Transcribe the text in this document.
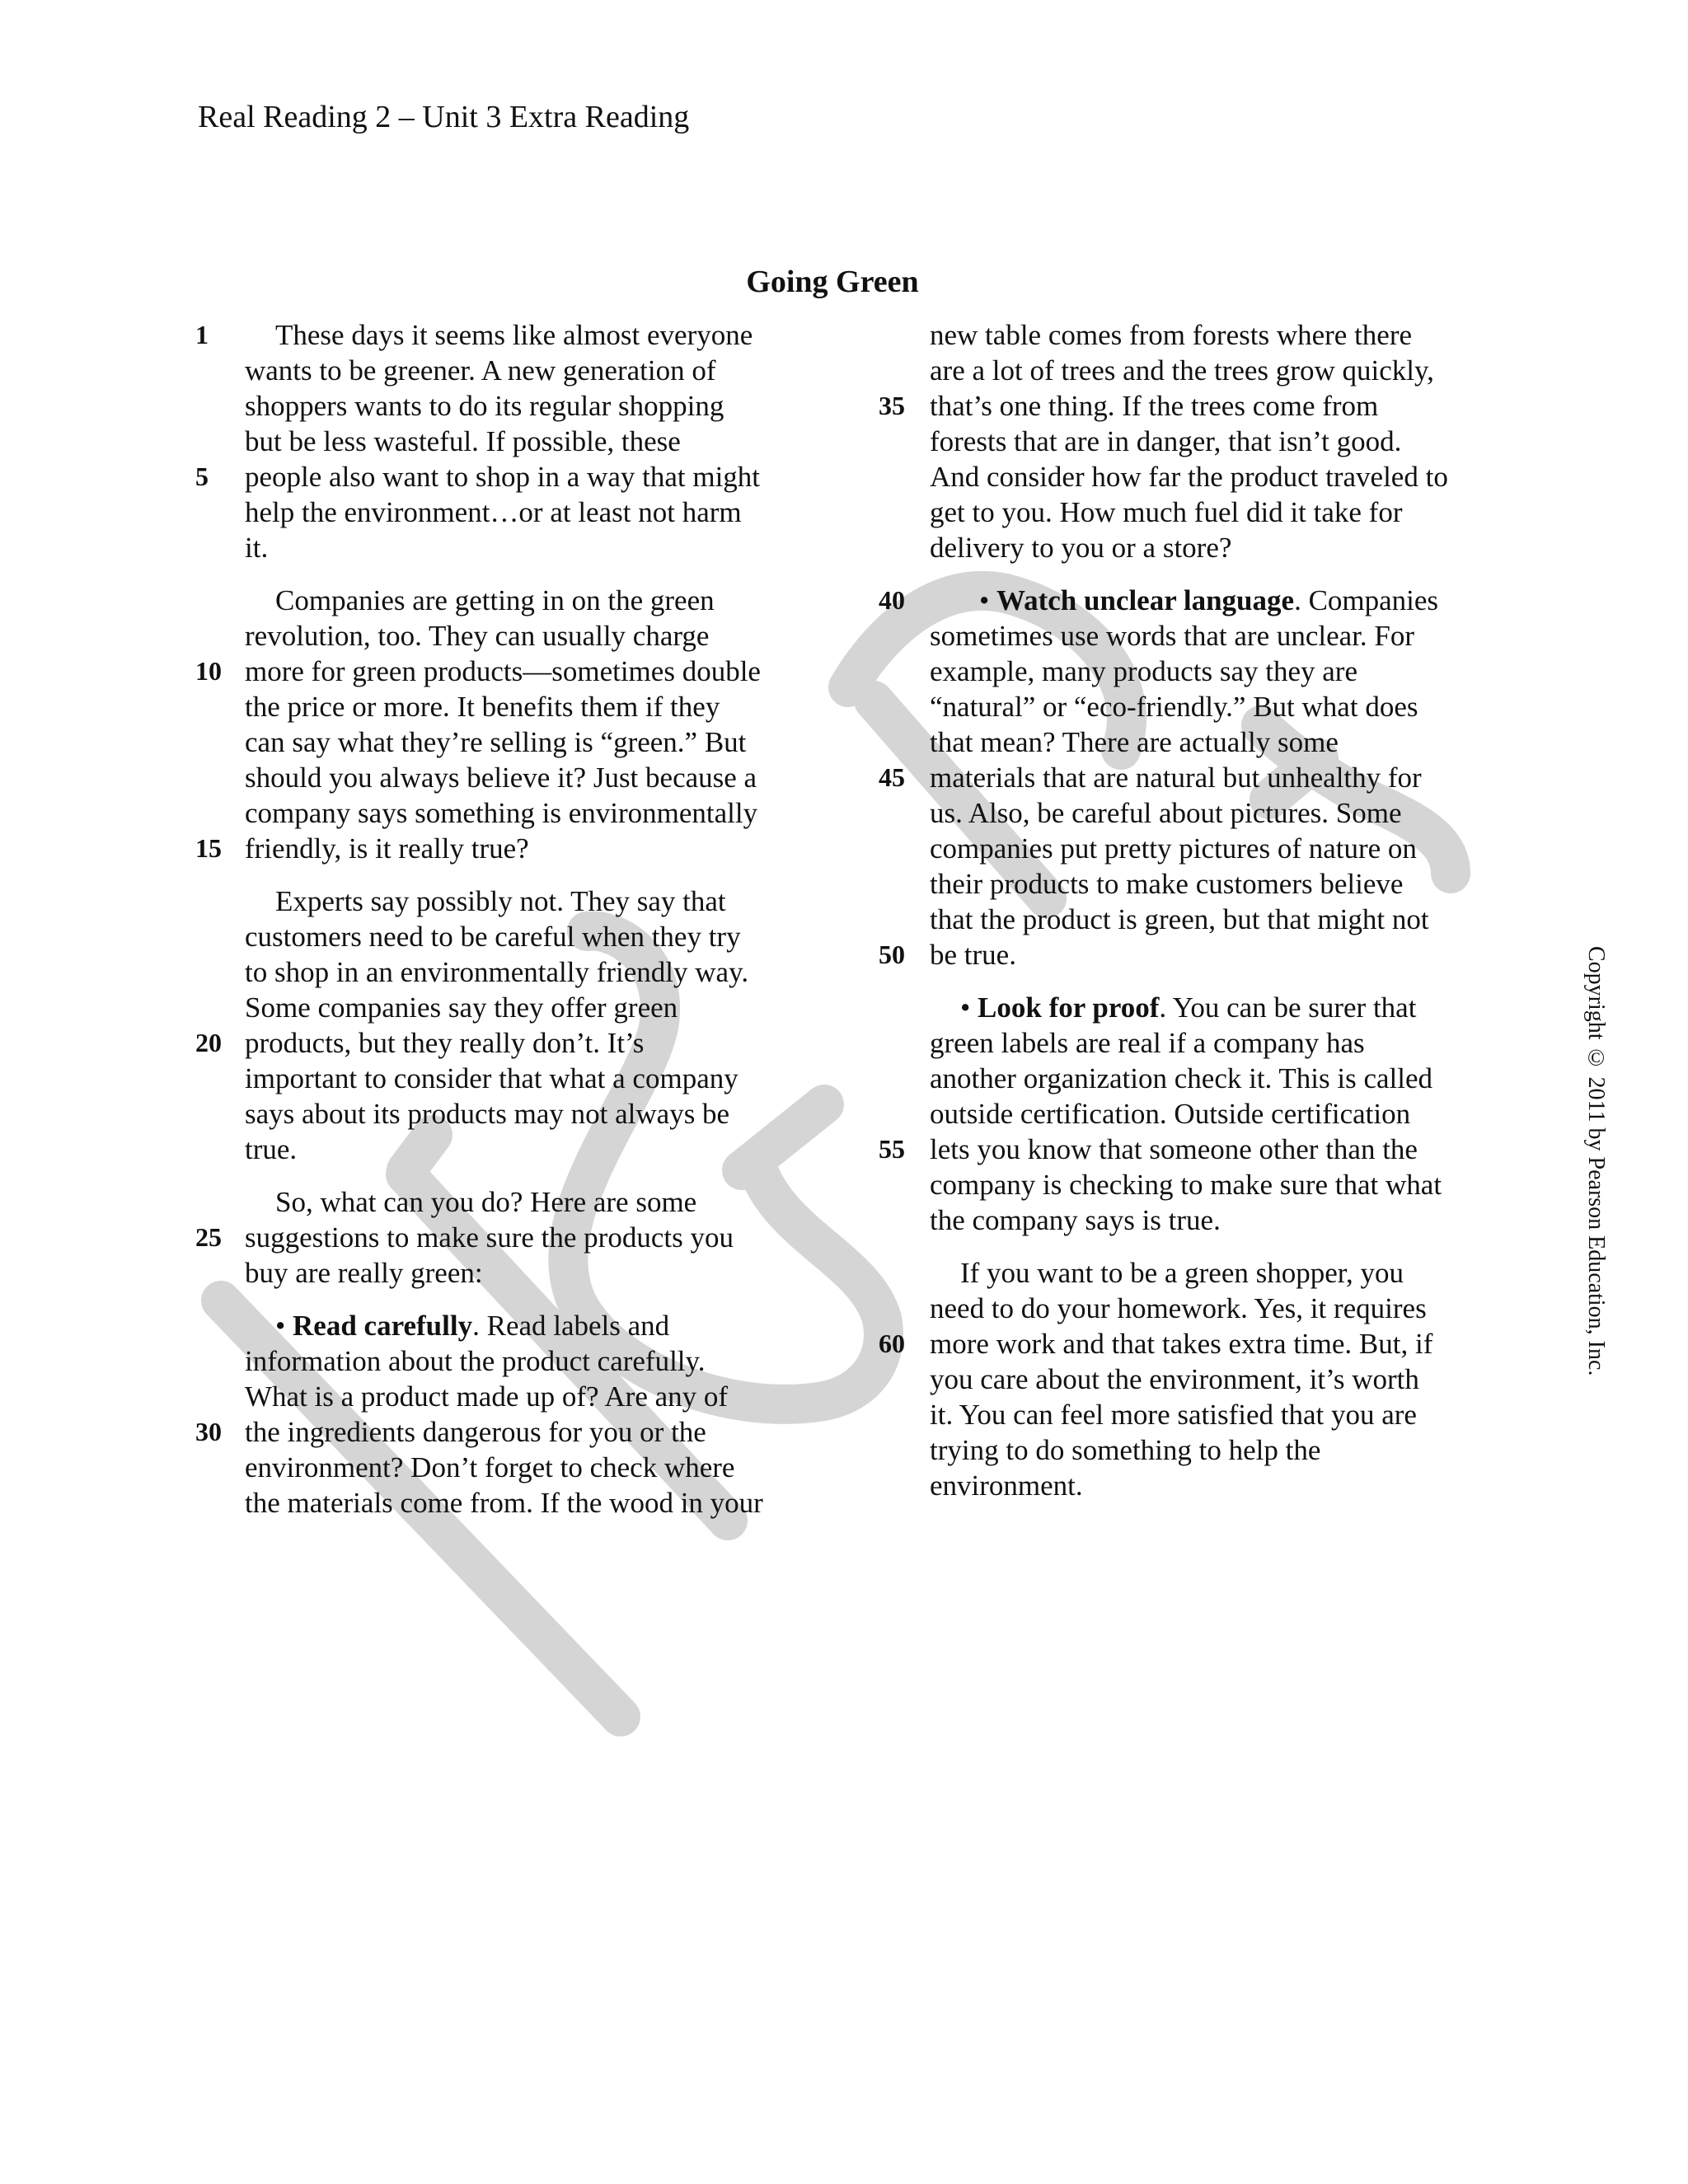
Real Reading 2 – Unit 3 Extra Reading
Going Green
1	These days it seems like almost everyone
wants to be greener. A new generation of
shoppers wants to do its regular shopping
but be less wasteful. If possible, these
5	people also want to shop in a way that might
help the environment…or at least not harm
it.
Companies are getting in on the green
revolution, too. They can usually charge
10 more for green products—sometimes double
the price or more. It benefits them if they
can say what they’re selling is “green.” But
should you always believe it? Just because a
company says something is environmentally
15 friendly, is it really true?
Experts say possibly not. They say that
customers need to be careful when they try
to shop in an environmentally friendly way.
Some companies say they offer green
20 products, but they really don’t. It’s
important to consider that what a company
says about its products may not always be
true.
So, what can you do? Here are some
25 suggestions to make sure the products you
buy are really green:
• Read carefully. Read labels and
information about the product carefully.
What is a product made up of? Are any of
30 the ingredients dangerous for you or the
environment? Don’t forget to check where
the materials come from. If the wood in your
new table comes from forests where there
are a lot of trees and the trees grow quickly,
35 that’s one thing. If the trees come from
forests that are in danger, that isn’t good.
And consider how far the product traveled to
get to you. How much fuel did it take for
delivery to you or a store?
40	• Watch unclear language. Companies
sometimes use words that are unclear. For
example, many products say they are
“natural” or “eco-friendly.” But what does
that mean? There are actually some
45 materials that are natural but unhealthy for
us. Also, be careful about pictures. Some
companies put pretty pictures of nature on
their products to make customers believe
that the product is green, but that might not
50 be true.
• Look for proof. You can be surer that
green labels are real if a company has
another organization check it. This is called
outside certification. Outside certification
55 lets you know that someone other than the
company is checking to make sure that what
the company says is true.
If you want to be a green shopper, you
need to do your homework. Yes, it requires
60 more work and that takes extra time. But, if
you care about the environment, it’s worth
it. You can feel more satisfied that you are
trying to do something to help the
environment.
Copyright © 2011 by Pearson Education, Inc.
